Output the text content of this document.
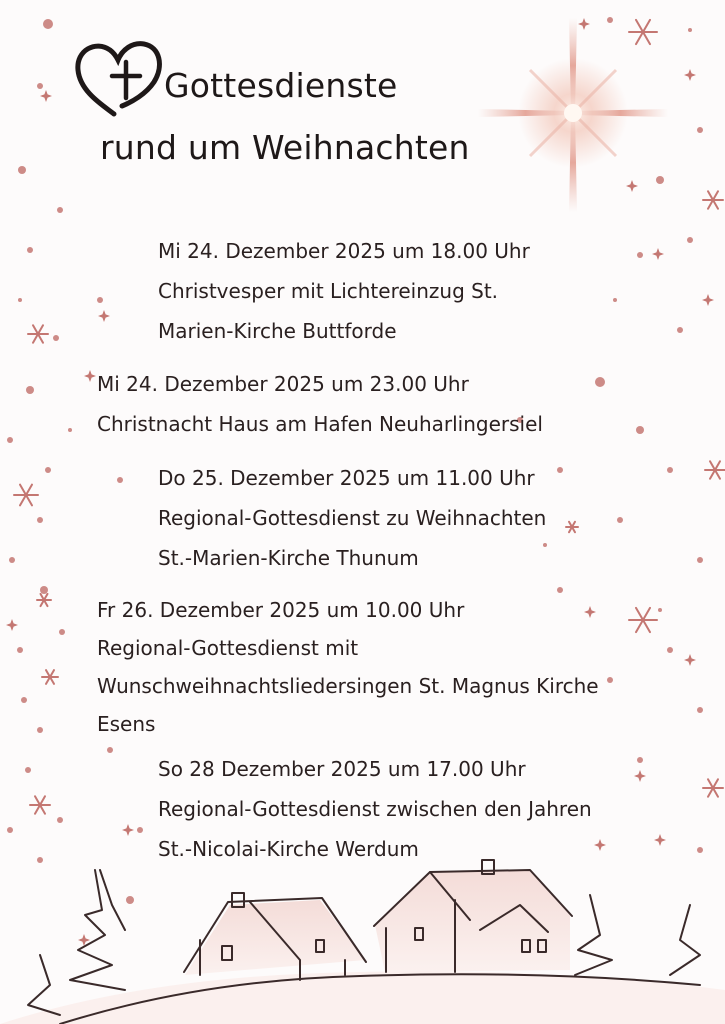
Gottesdienste
rund um Weihnachten
Mi 24. Dezember 2025 um 18.00 Uhr
Christvesper mit Lichtereinzug St.
Marien-Kirche Buttforde
Mi 24. Dezember 2025 um 23.00 Uhr
Christnacht Haus am Hafen Neuharlingersiel
Do 25. Dezember 2025 um 11.00 Uhr
Regional-Gottesdienst zu Weihnachten
St.-Marien-Kirche Thunum
Fr 26. Dezember 2025 um 10.00 Uhr
Regional-Gottesdienst mit
Wunschweihnachtsliedersingen St. Magnus Kirche
Esens
So 28 Dezember 2025 um 17.00 Uhr
Regional-Gottesdienst zwischen den Jahren
St.-Nicolai-Kirche Werdum
